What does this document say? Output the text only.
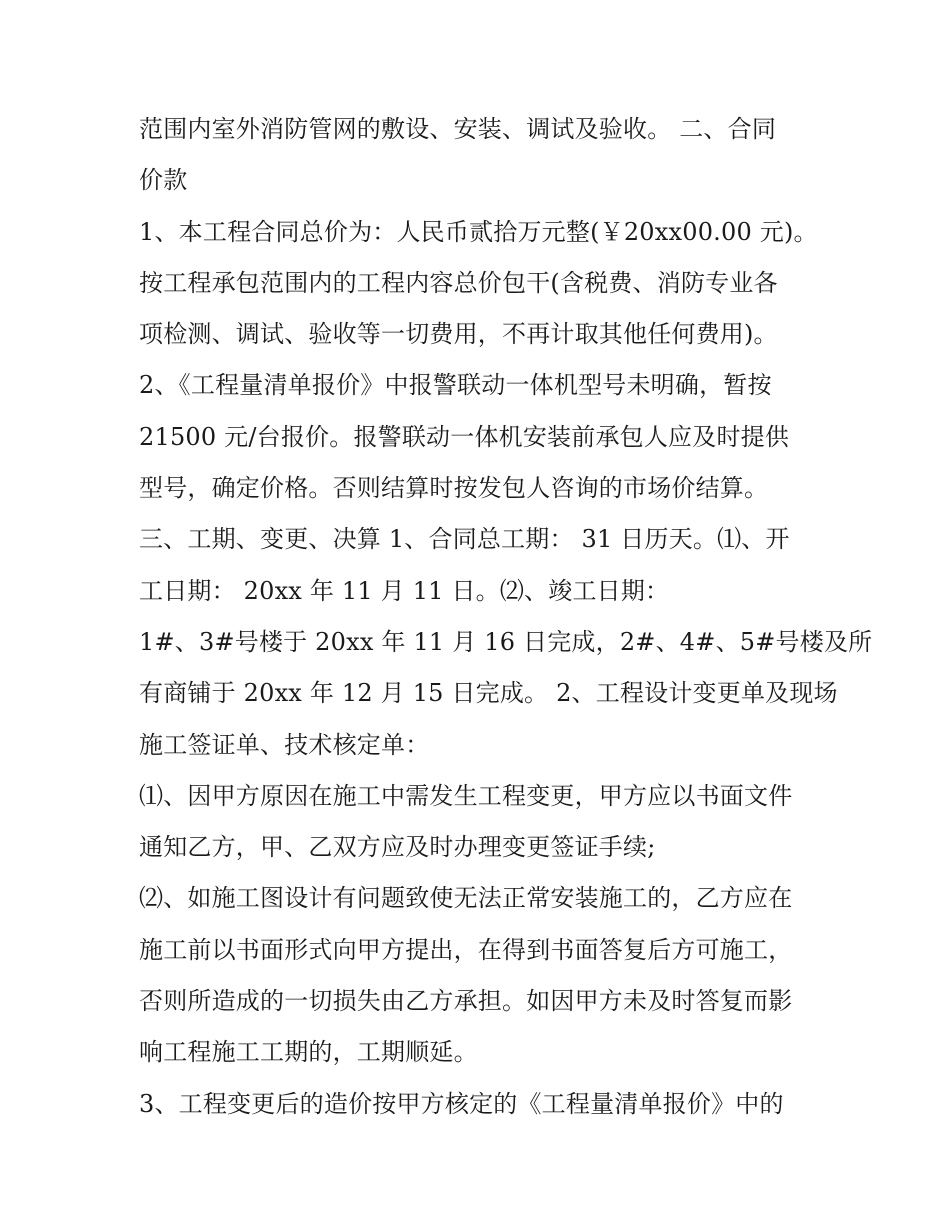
范围内室外消防管网的敷设、安装、调试及验收。 二、合同
价款
1、本工程合同总价为：人民币贰拾万元整(￥20xx00.00 元)。
按工程承包范围内的工程内容总价包干(含税费、消防专业各
项检测、调试、验收等一切费用，不再计取其他任何费用)。
2、《工程量清单报价》中报警联动一体机型号未明确，暂按
21500 元/台报价。报警联动一体机安装前承包人应及时提供
型号，确定价格。否则结算时按发包人咨询的市场价结算。
三、工期、变更、决算 1、合同总工期： 31 日历天。⑴、开
工日期： 20xx 年 11 月 11 日。⑵、竣工日期：
1#、3#号楼于 20xx 年 11 月 16 日完成，2#、4#、5#号楼及所
有商铺于 20xx 年 12 月 15 日完成。 2、工程设计变更单及现场
施工签证单、技术核定单：
⑴、因甲方原因在施工中需发生工程变更，甲方应以书面文件
通知乙方，甲、乙双方应及时办理变更签证手续;
⑵、如施工图设计有问题致使无法正常安装施工的，乙方应在
施工前以书面形式向甲方提出，在得到书面答复后方可施工，
否则所造成的一切损失由乙方承担。如因甲方未及时答复而影
响工程施工工期的，工期顺延。
3、工程变更后的造价按甲方核定的《工程量清单报价》中的
